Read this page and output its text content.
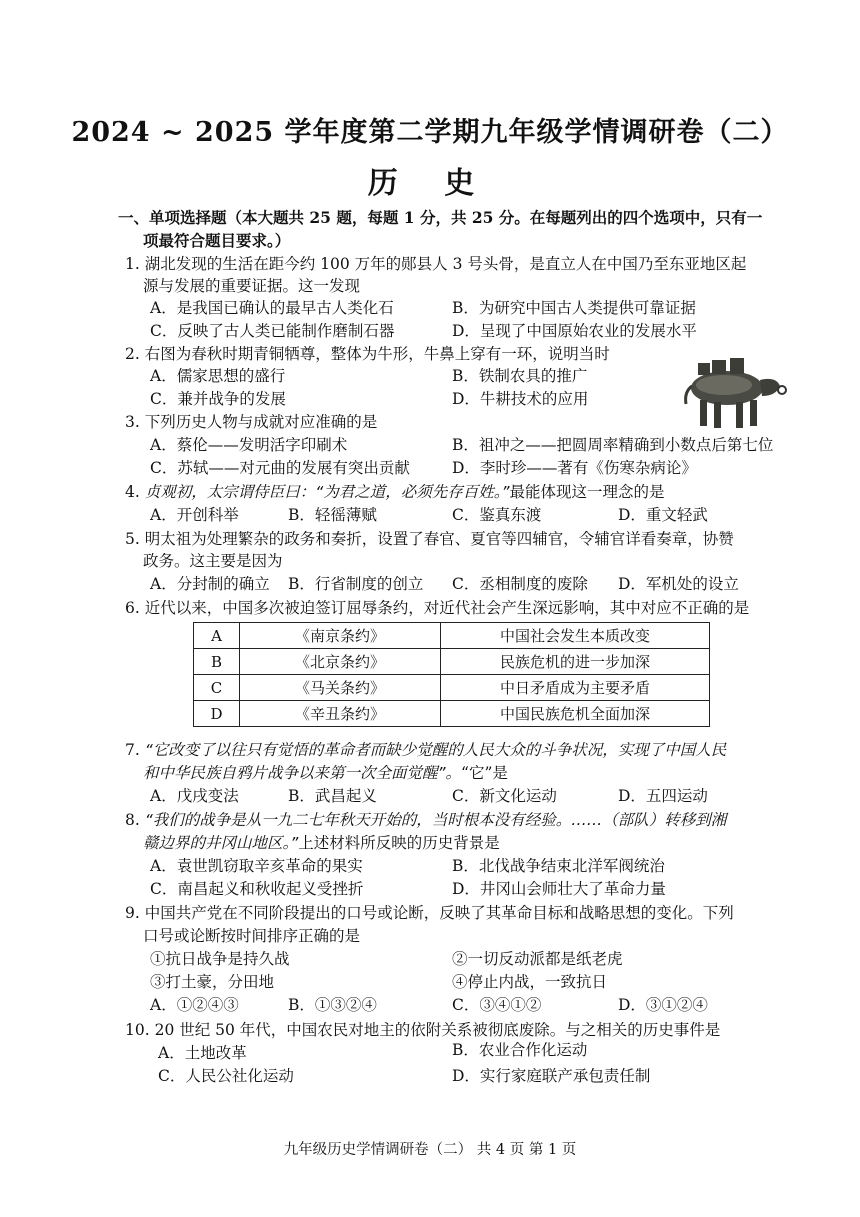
2024 ~ 2025 学年度第二学期九年级学情调研卷（二）
历 史
一、单项选择题（本大题共 25 题，每题 1 分，共 25 分。在每题列出的四个选项中，只有一
项最符合题目要求。）
1. 湖北发现的生活在距今约 100 万年的郧县人 3 号头骨，是直立人在中国乃至东亚地区起
源与发展的重要证据。这一发现
A．是我国已确认的最早古人类化石	B．为研究中国古人类提供可靠证据
C．反映了古人类已能制作磨制石器	D．呈现了中国原始农业的发展水平
2. 右图为春秋时期青铜牺尊，整体为牛形，牛鼻上穿有一环，说明当时
A．儒家思想的盛行	B．铁制农具的推广
C．兼并战争的发展	D．牛耕技术的应用
3. 下列历史人物与成就对应准确的是
A．蔡伦——发明活字印刷术	B．祖冲之——把圆周率精确到小数点后第七位
C．苏轼——对元曲的发展有突出贡献	D．李时珍——著有《伤寒杂病论》
4. 贞观初，太宗谓侍臣曰：“为君之道，必须先存百姓。”最能体现这一理念的是
A．开创科举	B．轻徭薄赋	C．鉴真东渡	D．重文轻武
5. 明太祖为处理繁杂的政务和奏折，设置了春官、夏官等四辅官，令辅官详看奏章，协赞
政务。这主要是因为
A．分封制的确立 B．行省制度的创立 C．丞相制度的废除 D．军机处的设立
6. 近代以来，中国多次被迫签订屈辱条约，对近代社会产生深远影响，其中对应不正确的是
A	《南京条约》	中国社会发生本质改变
B	《北京条约》	民族危机的进一步加深
C	《马关条约》	中日矛盾成为主要矛盾
D	《辛丑条约》	中国民族危机全面加深
7. “它改变了以往只有觉悟的革命者而缺少觉醒的人民大众的斗争状况，实现了中国人民
和中华民族自鸦片战争以来第一次全面觉醒”。“它”是
A．戊戌变法	B．武昌起义	C．新文化运动	D．五四运动
8. “我们的战争是从一九二七年秋天开始的，当时根本没有经验。……（部队）转移到湘
赣边界的井冈山地区。”上述材料所反映的历史背景是
A．袁世凯窃取辛亥革命的果实	B．北伐战争结束北洋军阀统治
C．南昌起义和秋收起义受挫折	D．井冈山会师壮大了革命力量
9. 中国共产党在不同阶段提出的口号或论断，反映了其革命目标和战略思想的变化。下列
口号或论断按时间排序正确的是
①抗日战争是持久战	②一切反动派都是纸老虎
③打土豪，分田地	④停止内战，一致抗日
A．①②④③	B．①③②④	C．③④①②	D．③①②④
10. 20 世纪 50 年代，中国农民对地主的依附关系被彻底废除。与之相关的历史事件是
A．土地改革	B．农业合作化运动
C．人民公社化运动	D．实行家庭联产承包责任制
九年级历史学情调研卷（二） 共 4 页 第 1 页
